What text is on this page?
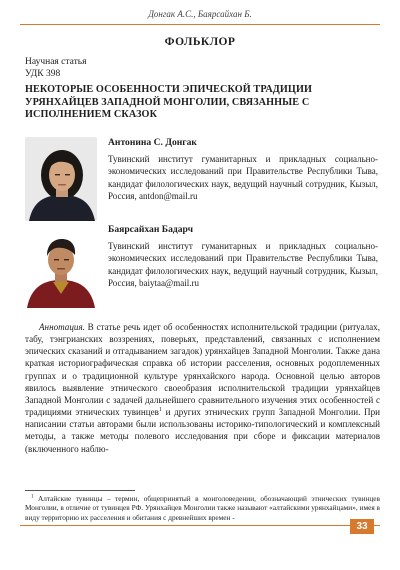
Донгак А.С., Баярсайхан Б.
ФОЛЬКЛОР
Научная статья
УДК 398
НЕКОТОРЫЕ ОСОБЕННОСТИ ЭПИЧЕСКОЙ ТРАДИЦИИ УРЯНХАЙЦЕВ ЗАПАДНОЙ МОНГОЛИИ, СВЯЗАННЫЕ С ИСПОЛНЕНИЕМ СКАЗОК
Антонина С. Донгак
Тувинский институт гуманитарных и прикладных социально-экономических исследований при Правительстве Республики Тыва, кандидат филологических наук, ведущий научный сотрудник, Кызыл, Россия, antdon@mail.ru
Баярсайхан Бадарч
Тувинский институт гуманитарных и прикладных социально-экономических исследований при Правительстве Республики Тыва, кандидат филологических наук, ведущий научный сотрудник, Кызыл, Россия, baiytaa@mail.ru
Аннотация. В статье речь идет об особенностях исполнительской традиции (ритуалах, табу, тэнгрианских воззрениях, поверьях, представлений, связанных с исполнением эпических сказаний и отгадыванием загадок) урянхайцев Западной Монголии. Также дана краткая историографическая справка об истории расселения, основных родоплеменных группах и о традиционной культуре урянхайского народа. Основной целью авторов явилось выявление этнического своеобразия исполнительской традиции урянхайцев Западной Монголии с задачей дальнейшего сравнительного изучения этих особенностей с традициями этнических тувинцев$^1$ и других этнических групп Западной Монголии. При написании статьи авторами были использованы историко-типологический и комплексный методы, а также методы полевого исследования при сборе и фиксации материалов (включенного наблю-
$^1$ Алтайские тувинцы – термин, общепринятый в монголоведении, обозначающий этнических тувинцев Монголии, в отличие от тувинцев РФ. Урянхайцев Монголии также называют «алтайскими урянхайцами», имея в виду территорию их расселения и обитания с древнейших времен -
33
